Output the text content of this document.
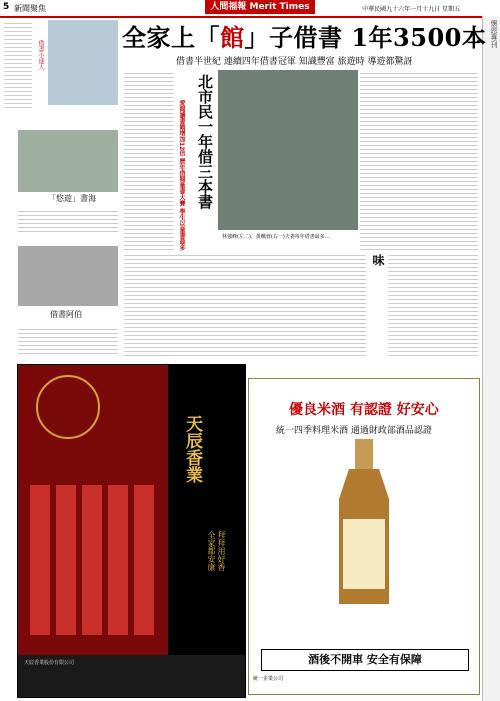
5 新聞聚焦	人間福報 Merit Times	中華民國九十六年一月十九日 星期五
懷恩專刊
借書小達人
「悠遊」書海
借書阿伯
全家上「館」子借書 1年3500本
借書半世紀 連續四年借書冠軍 知識豐富 旅遊時 導遊都驚訝
愛閱讀書籍增加12倍 歷年借閱量書大賽 學生以童書最多 北市民一年借三本書
林強峰(左二)、黃楓蓉(右一)夫妻每年借書最多...
味
天辰香業
拜拜用好香
全家都安康
天辰香業股份有限公司
優良米酒 有認證 好安心
統一四季料理米酒 通過財政部酒品認證
酒後不開車 安全有保障
統一企業公司
